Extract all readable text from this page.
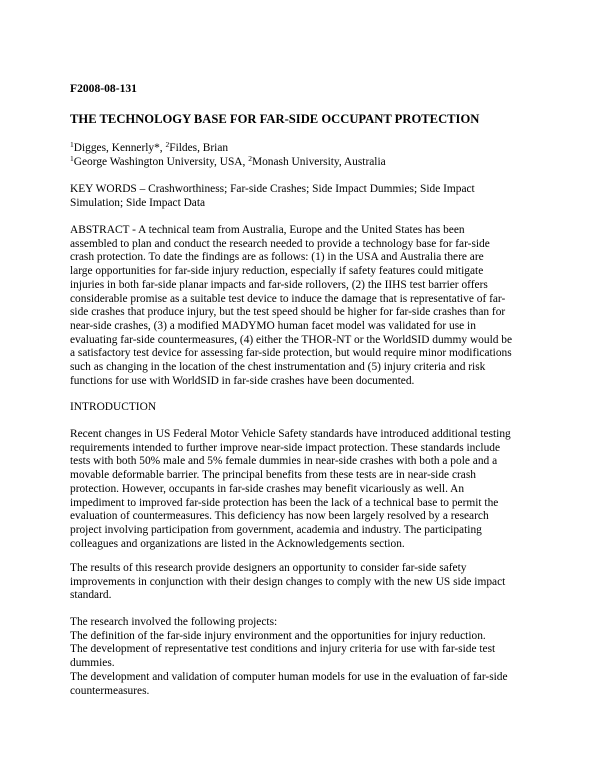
F2008-08-131
THE TECHNOLOGY BASE FOR FAR-SIDE OCCUPANT PROTECTION
$^1$Digges, Kennerly*, $^2$Fildes, Brian
$^1$George Washington University, USA, $^2$Monash University, Australia
KEY WORDS – Crashworthiness; Far-side Crashes; Side Impact Dummies; Side Impact
Simulation; Side Impact Data
ABSTRACT - A technical team from Australia, Europe and the United States has been
assembled to plan and conduct the research needed to provide a technology base for far-side
crash protection. To date the findings are as follows: (1) in the USA and Australia there are
large opportunities for far-side injury reduction, especially if safety features could mitigate
injuries in both far-side planar impacts and far-side rollovers, (2) the IIHS test barrier offers
considerable promise as a suitable test device to induce the damage that is representative of far-
side crashes that produce injury, but the test speed should be higher for far-side crashes than for
near-side crashes, (3) a modified MADYMO human facet model was validated for use in
evaluating far-side countermeasures, (4) either the THOR-NT or the WorldSID dummy would be
a satisfactory test device for assessing far-side protection, but would require minor modifications
such as changing in the location of the chest instrumentation and (5) injury criteria and risk
functions for use with WorldSID in far-side crashes have been documented.
INTRODUCTION
Recent changes in US Federal Motor Vehicle Safety standards have introduced additional testing
requirements intended to further improve near-side impact protection. These standards include
tests with both 50% male and 5% female dummies in near-side crashes with both a pole and a
movable deformable barrier. The principal benefits from these tests are in near-side crash
protection. However, occupants in far-side crashes may benefit vicariously as well. An
impediment to improved far-side protection has been the lack of a technical base to permit the
evaluation of countermeasures. This deficiency has now been largely resolved by a research
project involving participation from government, academia and industry. The participating
colleagues and organizations are listed in the Acknowledgements section.
The results of this research provide designers an opportunity to consider far-side safety
improvements in conjunction with their design changes to comply with the new US side impact
standard.
The research involved the following projects:
The definition of the far-side injury environment and the opportunities for injury reduction.
The development of representative test conditions and injury criteria for use with far-side test
dummies.
The development and validation of computer human models for use in the evaluation of far-side
countermeasures.
